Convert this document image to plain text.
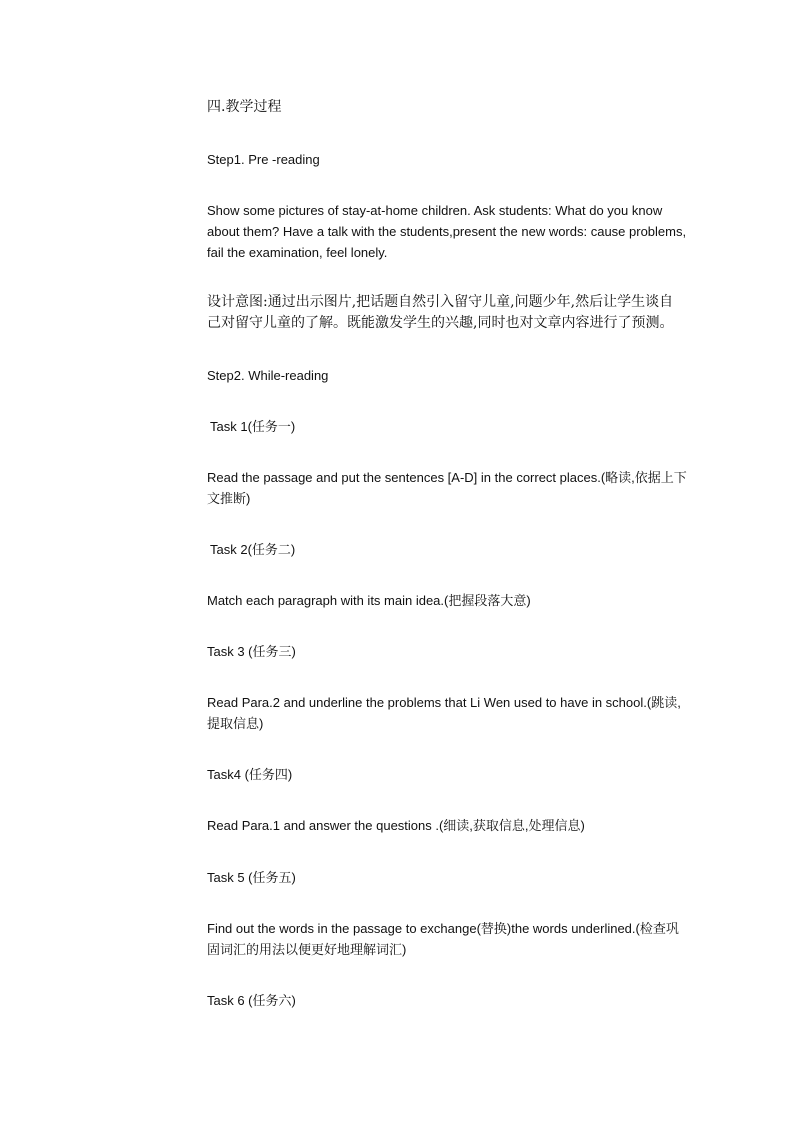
四.教学过程

Step1. Pre -reading

Show some pictures of stay-at-home children. Ask students: What do you know about them? Have a talk with the students,present the new words: cause problems, fail the examination, feel lonely.

设计意图:通过出示图片,把话题自然引入留守儿童,问题少年,然后让学生谈自己对留守儿童的了解。既能激发学生的兴趣,同时也对文章内容进行了预测。

Step2. While-reading

Task 1(任务一)

Read the passage and put the sentences [A-D] in the correct places.(略读,依据上下文推断)

Task 2(任务二)

Match each paragraph with its main idea.(把握段落大意)

Task 3 (任务三)

Read Para.2 and underline the problems that Li Wen used to have in school.(跳读,提取信息)

Task4 (任务四)

Read Para.1 and answer the questions .(细读,获取信息,处理信息)

Task 5 (任务五)

Find out the words in the passage to exchange(替换)the words underlined.(检查巩固词汇的用法以便更好地理解词汇)

Task 6 (任务六)
